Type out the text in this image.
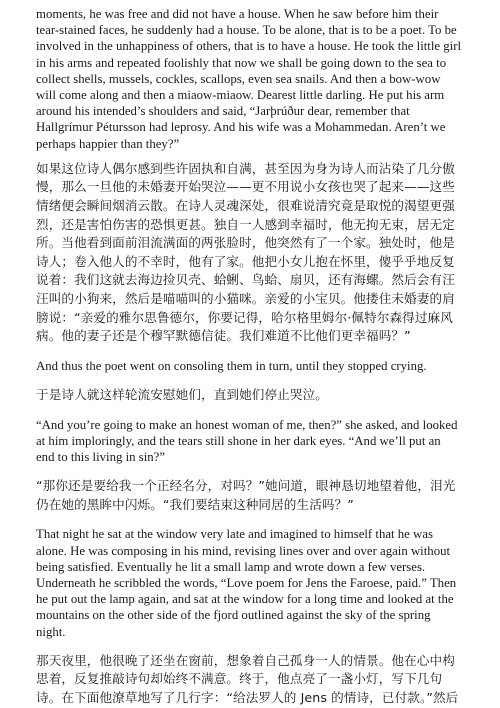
moments, he was free and did not have a house. When he saw before him their tear-stained faces, he suddenly had a house. To be alone, that is to be a poet. To be involved in the unhappiness of others, that is to have a house. He took the little girl in his arms and repeated foolishly that now we shall be going down to the sea to collect shells, mussels, cockles, scallops, even sea snails. And then a bow-wow will come along and then a miaow-miaow. Dearest little darling. He put his arm around his intended’s shoulders and said, “Jarþrúður dear, remember that Hallgrímur Pétursson had leprosy. And his wife was a Mohammedan. Aren’t we perhaps happier than they?”

如果这位诗人偶尔感到些许固执和自满，甚至因为身为诗人而沾染了几分傲慢，那么一旦他的未婚妻开始哭泣——更不用说小女孩也哭了起来——这些情绪便会瞬间烟消云散。在诗人灵魂深处，很难说清究竟是取悦的渴望更强烈，还是害怕伤害的恐惧更甚。独自一人感到幸福时，他无拘无束，居无定所。当他看到面前泪流满面的两张脸时，他突然有了一个家。独处时，他是诗人；卷入他人的不幸时，他有了家。他把小女儿抱在怀里，傻乎乎地反复说着：我们这就去海边捡贝壳、蛤蜊、鸟蛤、扇贝，还有海螺。然后会有汪汪叫的小狗来，然后是喵喵叫的小猫咪。亲爱的小宝贝。他搂住未婚妻的肩膀说：“亲爱的雅尔思鲁德尔，你要记得，哈尔格里姆尔·佩特尔森得过麻风病。他的妻子还是个穆罕默德信徒。我们难道不比他们更幸福吗？”

And thus the poet went on consoling them in turn, until they stopped crying.

于是诗人就这样轮流安慰她们，直到她们停止哭泣。

“And you’re going to make an honest woman of me, then?” she asked, and looked at him imploringly, and the tears still shone in her dark eyes. “And we’ll put an end to this living in sin?”

“那你还是要给我一个正经名分，对吗？”她问道，眼神恳切地望着他，泪光仍在她的黑眸中闪烁。“我们要结束这种同居的生活吗？”

That night he sat at the window very late and imagined to himself that he was alone. He was composing in his mind, revising lines over and over again without being satisfied. Eventually he lit a small lamp and wrote down a few verses. Underneath he scribbled the words, “Love poem for Jens the Faroese, paid.” Then he put out the lamp again, and sat at the window for a long time and looked at the mountains on the other side of the fjord outlined against the sky of the spring night.

那天夜里，他很晚了还坐在窗前，想象着自己孤身一人的情景。他在心中构思着，反复推敲诗句却始终不满意。终于，他点亮了一盏小灯，写下几句诗。在下面他潦草地写了几行字：“给法罗人的 Jens 的情诗，已付款。”然后
